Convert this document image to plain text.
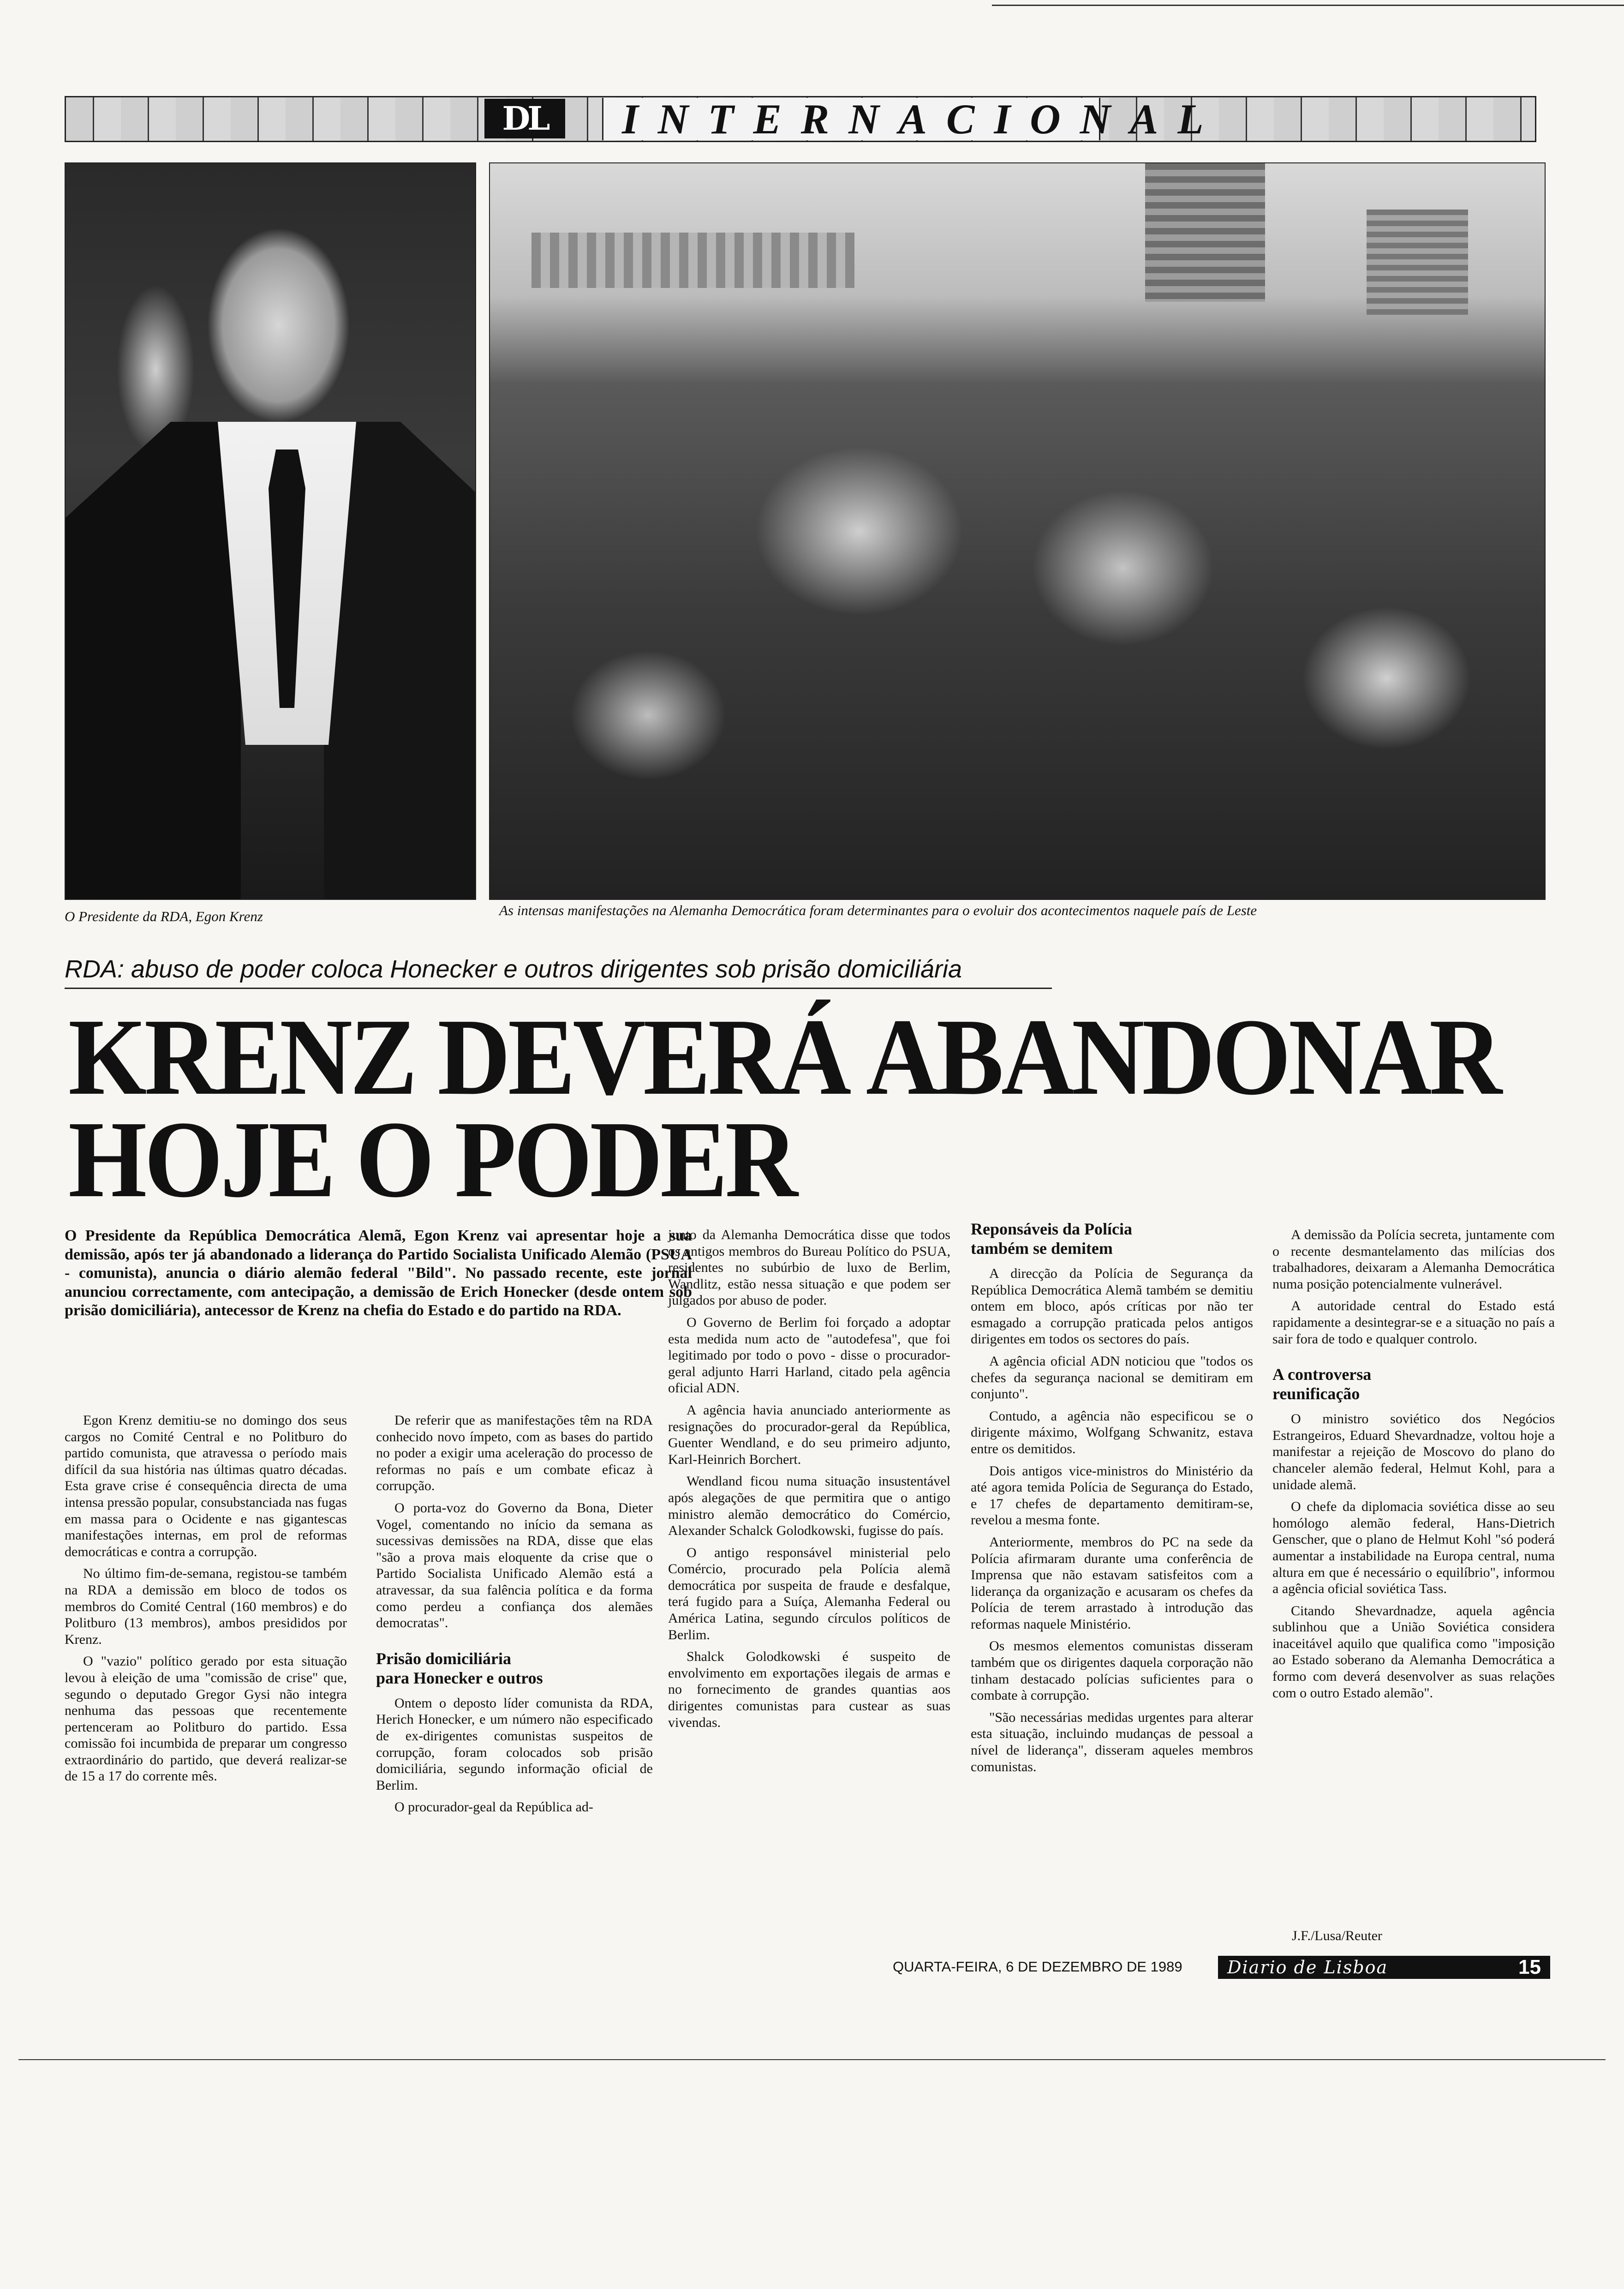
DL	INTERNACIONAL
O Presidente da RDA, Egon Krenz	As intensas manifestações na Alemanha Democrática foram determinantes para o evoluir dos acontecimentos naquele país de Leste
RDA: abuso de poder coloca Honecker e outros dirigentes sob prisão domiciliária
KRENZ DEVERÁ ABANDONAR
HOJE O PODER
O Presidente da República Democrática Alemã, Egon Krenz vai apresentar hoje a sua demissão, após ter já abandonado a liderança do Partido Socialista Unificado Alemão (PSUA - comunista), anuncia o diário alemão federal "Bild". No passado recente, este jornal anunciou correctamente, com antecipação, a demissão de Erich Honecker (desde ontem sob prisão domiciliária), antecessor de Krenz na chefia do Estado e do partido na RDA.

Egon Krenz demitiu-se no domingo dos seus cargos no Comité Central e no Politburo do partido comunista, que atravessa o período mais difícil da sua história nas últimas quatro décadas. Esta grave crise é consequência directa de uma intensa pressão popular, consubstanciada nas fugas em massa para o Ocidente e nas gigantescas manifestações internas, em prol de reformas democráticas e contra a corrupção.

No último fim-de-semana, registou-se também na RDA a demissão em bloco de todos os membros do Comité Central (160 membros) e do Politburo (13 membros), ambos presididos por Krenz.

O "vazio" político gerado por esta situação levou à eleição de uma "comissão de crise" que, segundo o deputado Gregor Gysi não integra nenhuma das pessoas que recentemente pertenceram ao Politburo do partido. Essa comissão foi incumbida de preparar um congresso extraordinário do partido, que deverá realizar-se de 15 a 17 do corrente mês.

De referir que as manifestações têm na RDA conhecido novo ímpeto, com as bases do partido no poder a exigir uma aceleração do processo de reformas no país e um combate eficaz à corrupção.

O porta-voz do Governo da Bona, Dieter Vogel, comentando no início da semana as sucessivas demissões na RDA, disse que elas "são a prova mais eloquente da crise que o Partido Socialista Unificado Alemão está a atravessar, da sua falência política e da forma como perdeu a confiança dos alemães democratas".

Prisão domiciliária
para Honecker e outros

Ontem o deposto líder comunista da RDA, Herich Honecker, e um número não especificado de ex-dirigentes comunistas suspeitos de corrupção, foram colocados sob prisão domiciliária, segundo informação oficial de Berlim.

O procurador-geal da República ad-

junto da Alemanha Democrática disse que todos os antigos membros do Bureau Político do PSUA, residentes no subúrbio de luxo de Berlim, Wandlitz, estão nessa situação e que podem ser julgados por abuso de poder.

O Governo de Berlim foi forçado a adoptar esta medida num acto de "autodefesa", que foi legitimado por todo o povo - disse o procurador-geral adjunto Harri Harland, citado pela agência oficial ADN.

A agência havia anunciado anteriormente as resignações do procurador-geral da República, Guenter Wendland, e do seu primeiro adjunto, Karl-Heinrich Borchert.

Wendland ficou numa situação insustentável após alegações de que permitira que o antigo ministro alemão democrático do Comércio, Alexander Schalck Golodkowski, fugisse do país.

O antigo responsável ministerial pelo Comércio, procurado pela Polícia alemã democrática por suspeita de fraude e desfalque, terá fugido para a Suíça, Alemanha Federal ou América Latina, segundo círculos políticos de Berlim.

Shalck Golodkowski é suspeito de envolvimento em exportações ilegais de armas e no fornecimento de grandes quantias aos dirigentes comunistas para custear as suas vivendas.

Reponsáveis da Polícia
também se demitem

A direcção da Polícia de Segurança da República Democrática Alemã também se demitiu ontem em bloco, após críticas por não ter esmagado a corrupção praticada pelos antigos dirigentes em todos os sectores do país.

A agência oficial ADN noticiou que "todos os chefes da segurança nacional se demitiram em conjunto".

Contudo, a agência não especificou se o dirigente máximo, Wolfgang Schwanitz, estava entre os demitidos.

Dois antigos vice-ministros do Ministério da até agora temida Polícia de Segurança do Estado, e 17 chefes de departamento demitiram-se, revelou a mesma fonte.

Anteriormente, membros do PC na sede da Polícia afirmaram durante uma conferência de Imprensa que não estavam satisfeitos com a liderança da organização e acusaram os chefes da Polícia de terem arrastado à introdução das reformas naquele Ministério.

Os mesmos elementos comunistas disseram também que os dirigentes daquela corporação não tinham destacado polícias suficientes para o combate à corrupção.

"São necessárias medidas urgentes para alterar esta situação, incluindo mudanças de pessoal a nível de liderança", disseram aqueles membros comunistas.

A demissão da Polícia secreta, juntamente com o recente desmantelamento das milícias dos trabalhadores, deixaram a Alemanha Democrática numa posição potencialmente vulnerável.

A autoridade central do Estado está rapidamente a desintegrar-se e a situação no país a sair fora de todo e qualquer controlo.

A controversa
reunificação

O ministro soviético dos Negócios Estrangeiros, Eduard Shevardnadze, voltou hoje a manifestar a rejeição de Moscovo do plano do chanceler alemão federal, Helmut Kohl, para a unidade alemã.

O chefe da diplomacia soviética disse ao seu homólogo alemão federal, Hans-Dietrich Genscher, que o plano de Helmut Kohl "só poderá aumentar a instabilidade na Europa central, numa altura em que é necessário o equilíbrio", informou a agência oficial soviética Tass.

Citando Shevardnadze, aquela agência sublinhou que a União Soviética considera inaceitável aquilo que qualifica como "imposição ao Estado soberano da Alemanha Democrática a formo com deverá desenvolver as suas relações com o outro Estado alemão".

J.F./Lusa/Reuter
QUARTA-FEIRA, 6 DE DEZEMBRO DE 1989	Diario de Lisboa	15
